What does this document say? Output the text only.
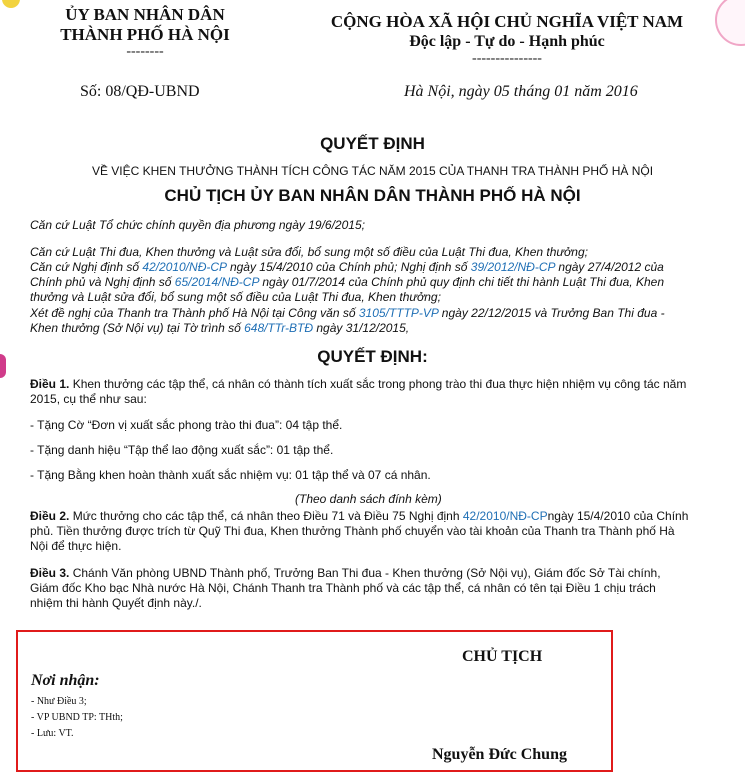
ỦY BAN NHÂN DÂN
THÀNH PHỐ HÀ NỘI
--------
CỘNG HÒA XÃ HỘI CHỦ NGHĨA VIỆT NAM
Độc lập - Tự do - Hạnh phúc
---------------
Số: 08/QĐ-UBND	Hà Nội, ngày 05 tháng 01 năm 2016
QUYẾT ĐỊNH
VỀ VIỆC KHEN THƯỞNG THÀNH TÍCH CÔNG TÁC NĂM 2015 CỦA THANH TRA THÀNH PHỐ HÀ NỘI
CHỦ TỊCH ỦY BAN NHÂN DÂN THÀNH PHỐ HÀ NỘI
Căn cứ Luật Tổ chức chính quyền địa phương ngày 19/6/2015;
Căn cứ Luật Thi đua, Khen thưởng và Luật sửa đổi, bổ sung một số điều của Luật Thi đua, Khen thưởng;
Căn cứ Nghị định số 42/2010/NĐ-CP ngày 15/4/2010 của Chính phủ; Nghị định số 39/2012/NĐ-CP ngày 27/4/2012 của Chính phủ và Nghị định số 65/2014/NĐ-CP ngày 01/7/2014 của Chính phủ quy định chi tiết thi hành Luật Thi đua, Khen thưởng và Luật sửa đổi, bổ sung một số điều của Luật Thi đua, Khen thưởng;
Xét đề nghị của Thanh tra Thành phố Hà Nội tại Công văn số 3105/TTTP-VP ngày 22/12/2015 và Trưởng Ban Thi đua - Khen thưởng (Sở Nội vụ) tại Tờ trình số 648/TTr-BTĐ ngày 31/12/2015,
QUYẾT ĐỊNH:
Điều 1. Khen thưởng các tập thể, cá nhân có thành tích xuất sắc trong phong trào thi đua thực hiện nhiệm vụ công tác năm 2015, cụ thể như sau:
- Tặng Cờ “Đơn vị xuất sắc phong trào thi đua”: 04 tập thể.
- Tặng danh hiệu “Tập thể lao động xuất sắc”: 01 tập thể.
- Tặng Bằng khen hoàn thành xuất sắc nhiệm vụ: 01 tập thể và 07 cá nhân.
(Theo danh sách đính kèm)
Điều 2. Mức thưởng cho các tập thể, cá nhân theo Điều 71 và Điều 75 Nghị định 42/2010/NĐ-CPngày 15/4/2010 của Chính phủ. Tiền thưởng được trích từ Quỹ Thi đua, Khen thưởng Thành phố chuyển vào tài khoản của Thanh tra Thành phố Hà Nội để thực hiện.
Điều 3. Chánh Văn phòng UBND Thành phố, Trưởng Ban Thi đua - Khen thưởng (Sở Nội vụ), Giám đốc Sở Tài chính, Giám đốc Kho bạc Nhà nước Hà Nội, Chánh Thanh tra Thành phố và các tập thể, cá nhân có tên tại Điều 1 chịu trách nhiệm thi hành Quyết định này./.
CHỦ TỊCH
Nơi nhận:
- Như Điều 3;
- VP UBND TP: THth;
- Lưu: VT.
Nguyễn Đức Chung
